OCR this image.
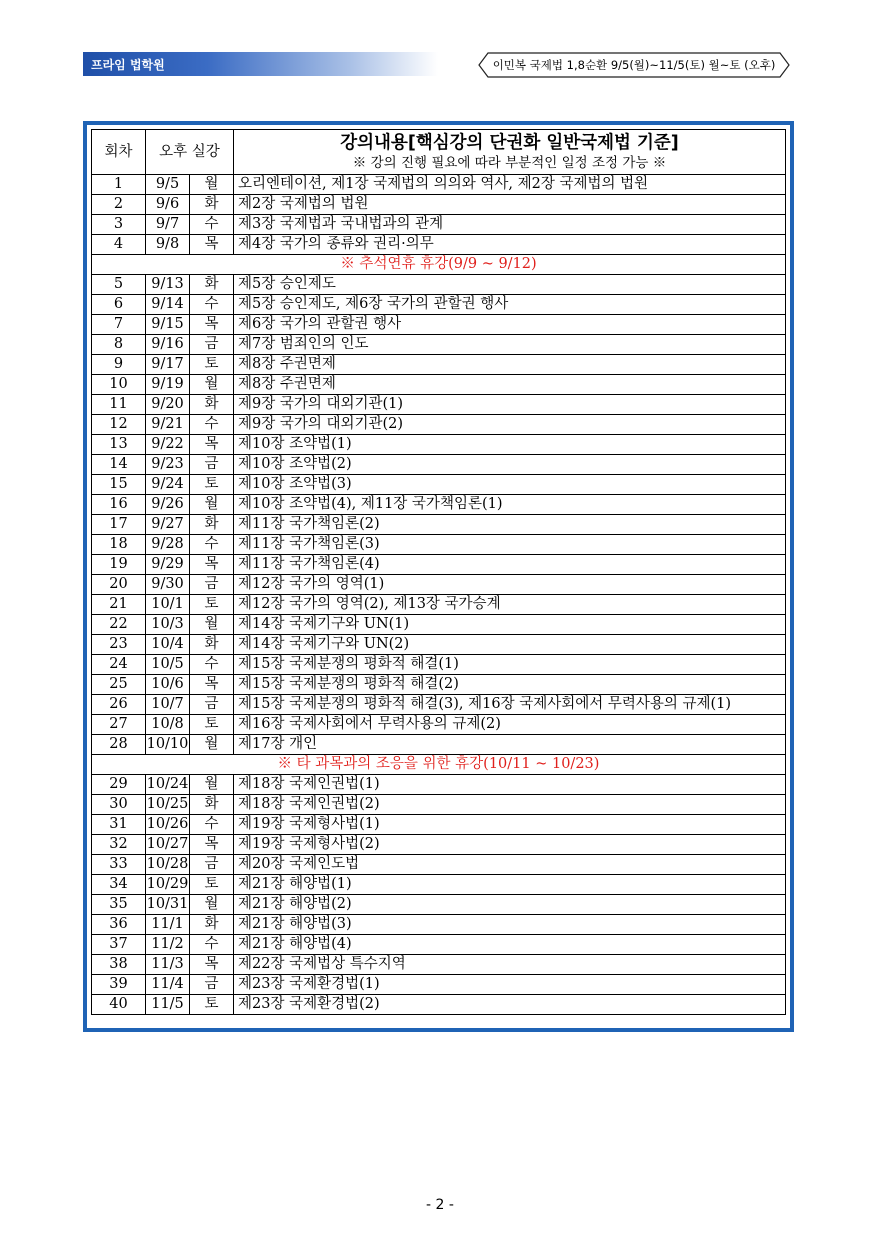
프라임 법학원	이민복 국제법 1,8순환 9/5(월)~11/5(토) 월~토 (오후)
회차	오후 실강		강의내용[핵심강의 단권화 일반국제법 기준]
※ 강의 진행 필요에 따라 부분적인 일정 조정 가능 ※

1	9/5	월	오리엔테이션, 제1장 국제법의 의의와 역사, 제2장 국제법의 법원
2	9/6	화	제2장 국제법의 법원
3	9/7	수	제3장 국제법과 국내법과의 관계
4	9/8	목	제4장 국가의 종류와 권리·의무
※ 추석연휴 휴강(9/9 ~ 9/12)			
5	9/13	화	제5장 승인제도
6	9/14	수	제5장 승인제도, 제6장 국가의 관할권 행사
7	9/15	목	제6장 국가의 관할권 행사
8	9/16	금	제7장 범죄인의 인도
9	9/17	토	제8장 주권면제
10	9/19	월	제8장 주권면제
11	9/20	화	제9장 국가의 대외기관(1)
12	9/21	수	제9장 국가의 대외기관(2)
13	9/22	목	제10장 조약법(1)
14	9/23	금	제10장 조약법(2)
15	9/24	토	제10장 조약법(3)
16	9/26	월	제10장 조약법(4), 제11장 국가책임론(1)
17	9/27	화	제11장 국가책임론(2)
18	9/28	수	제11장 국가책임론(3)
19	9/29	목	제11장 국가책임론(4)
20	9/30	금	제12장 국가의 영역(1)
21	10/1	토	제12장 국가의 영역(2), 제13장 국가승계
22	10/3	월	제14장 국제기구와 UN(1)
23	10/4	화	제14장 국제기구와 UN(2)
24	10/5	수	제15장 국제분쟁의 평화적 해결(1)
25	10/6	목	제15장 국제분쟁의 평화적 해결(2)
26	10/7	금	제15장 국제분쟁의 평화적 해결(3), 제16장 국제사회에서 무력사용의 규제(1)
27	10/8	토	제16장 국제사회에서 무력사용의 규제(2)
28	10/10	월	제17장 개인
※ 타 과목과의 조응을 위한 휴강(10/11 ~ 10/23)			
29	10/24	월	제18장 국제인권법(1)
30	10/25	화	제18장 국제인권법(2)
31	10/26	수	제19장 국제형사법(1)
32	10/27	목	제19장 국제형사법(2)
33	10/28	금	제20장 국제인도법
34	10/29	토	제21장 해양법(1)
35	10/31	월	제21장 해양법(2)
36	11/1	화	제21장 해양법(3)
37	11/2	수	제21장 해양법(4)
38	11/3	목	제22장 국제법상 특수지역
39	11/4	금	제23장 국제환경법(1)
40	11/5	토	제23장 국제환경법(2)
- 2 -
